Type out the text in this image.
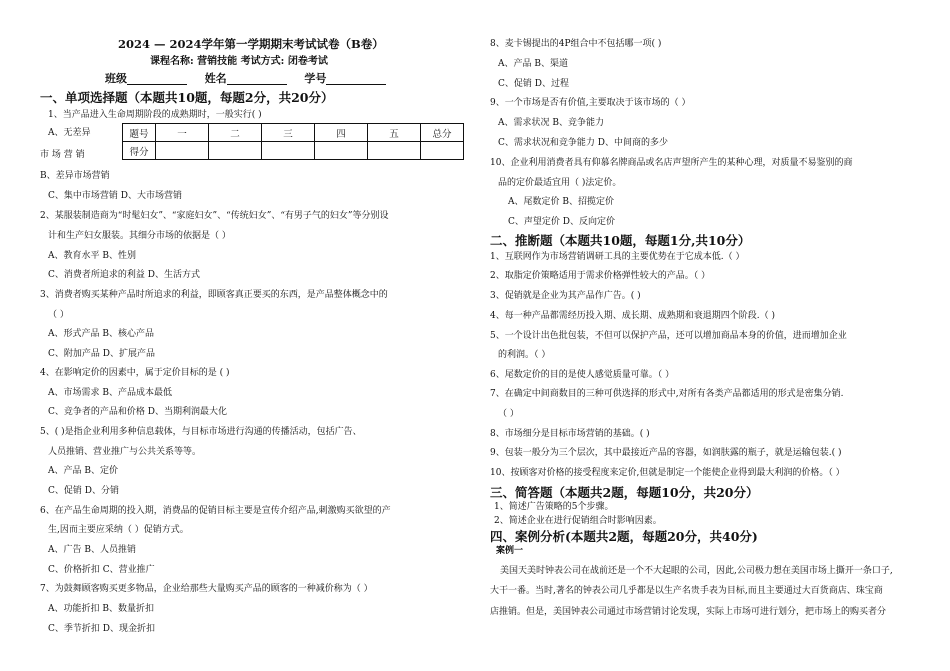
2024 — 2024学年第一学期期末考试试卷（B卷）
课程名称: 营销技能 考试方式: 闭卷考试
班级	姓名	学号
一、单项选择题（本题共10题，每题2分，共20分）
1、当产品进入生命周期阶段的成熟期时，一般实行( )
A、无差异
市 场 营 销
B、差异市场营销
C、集中市场营销 D、大市场营销
2、某服装制造商为“时髦妇女”、“家庭妇女”、“传统妇女”、“有男子气的妇女”等分别设
计和生产妇女服装。其细分市场的依据是（ ）
A、教育水平 B、性别
C、消费者所追求的利益 D、生活方式
3、消费者购买某种产品时所追求的利益，即顾客真正要买的东西，是产品整体概念中的
（ ）
A、形式产品 B、核心产品
C、附加产品 D、扩展产品
4、在影响定价的因素中，属于定价目标的是 ( )
A、市场需求 B、产品成本最低
C、竞争者的产品和价格 D、当期利润最大化
5、( )是指企业利用多种信息载体，与目标市场进行沟通的传播活动，包括广告、
人员推销、营业推广与公共关系等等。
A、产品 B、定价
C、促销 D、分销
6、在产品生命周期的投入期，消费品的促销目标主要是宣传介绍产品,刺激购买欲望的产
生,因而主要应采纳（ ）促销方式。
A、广告 B、人员推销
C、价格折扣 C、营业推广
7、为鼓舞顾客购买更多物品，企业给那些大量购买产品的顾客的一种减价称为（ ）
A、功能折扣 B、数量折扣
C、季节折扣 D、现金折扣
题号	一	二	三	四	五	总分
得分						
8、麦卡锡提出的4P组合中不包括哪一项( )
A、产品 B、渠道
C、促销 D、过程
9、一个市场是否有价值,主要取决于该市场的（ ）
A、需求状况 B、竞争能力
C、需求状况和竞争能力 D、中间商的多少
10、企业利用消费者具有仰慕名牌商品或名店声望所产生的某种心理，对质量不易鉴别的商
品的定价最适宜用（ )法定价。
A、尾数定价 B、招揽定价
C、声望定价 D、反向定价
二、推断题（本题共10题，每题1分,共10分）
1、互联网作为市场营销调研工具的主要优势在于它成本低.（ ）
2、取脂定价策略适用于需求价格弹性较大的产品。（ ）
3、促销就是企业为其产品作广告。( )
4、每一种产品都需经历投入期、成长期、成熟期和衰退期四个阶段.（ )
5、一个设计出色批包装，不但可以保护产品，还可以增加商品本身的价值，进而增加企业
的利润。（ ）
6、尾数定价的目的是使人感觉质量可靠。（ ）
7、在确定中间商数目的三种可供选择的形式中,对所有各类产品都适用的形式是密集分销.
（ ）
8、市场细分是目标市场营销的基础。( )
9、包装一般分为三个层次，其中最接近产品的容器，如润肤露的瓶子，就是运输包装.( )
10、按顾客对价格的接受程度来定价,但就是制定一个能使企业得到最大利润的价格。（ ）
三、简答题（本题共2题，每题10分，共20分）
1、简述广告策略的5个步骤。
2、简述企业在进行促销组合时影响因素。
四、案例分析(本题共2题，每题20分，共40分)
案例一
美国天美时钟表公司在战前还是一个不大起眼的公司，因此,公司极力想在美国市场上撕开一条口子,
大干一番。当时,著名的钟表公司几乎都是以生产名贵手表为目标,而且主要通过大百货商店、珠宝商
店推销。但是，美国钟表公司通过市场营销讨论发现，实际上市场可进行划分，把市场上的购买者分
